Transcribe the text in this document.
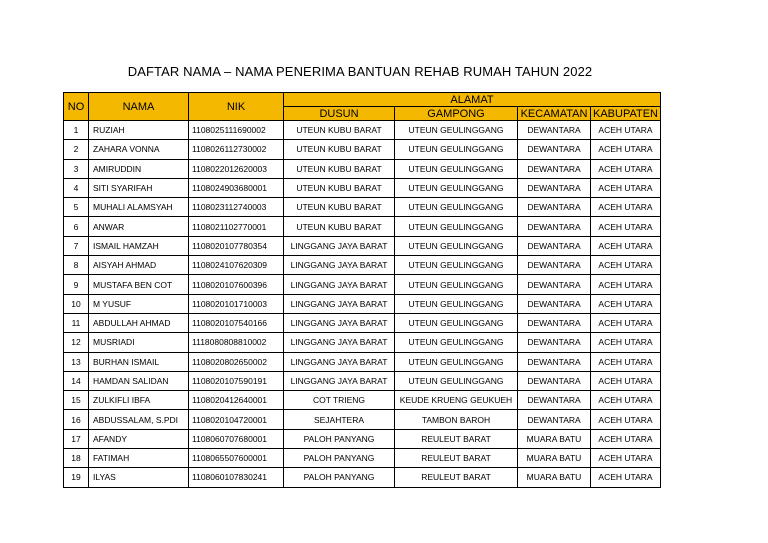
DAFTAR NAMA – NAMA PENERIMA BANTUAN REHAB RUMAH TAHUN 2022
NO	NAMA	NIK	ALAMAT			
			DUSUN	GAMPONG	KECAMATAN	KABUPATEN
1	RUZIAH	1108025111690002	UTEUN KUBU BARAT	UTEUN GEULINGGANG	DEWANTARA	ACEH UTARA
2	ZAHARA VONNA	1108026112730002	UTEUN KUBU BARAT	UTEUN GEULINGGANG	DEWANTARA	ACEH UTARA
3	AMIRUDDIN	1108022012620003	UTEUN KUBU BARAT	UTEUN GEULINGGANG	DEWANTARA	ACEH UTARA
4	SITI SYARIFAH	1108024903680001	UTEUN KUBU BARAT	UTEUN GEULINGGANG	DEWANTARA	ACEH UTARA
5	MUHALI ALAMSYAH	1108023112740003	UTEUN KUBU BARAT	UTEUN GEULINGGANG	DEWANTARA	ACEH UTARA
6	ANWAR	1108021102770001	UTEUN KUBU BARAT	UTEUN GEULINGGANG	DEWANTARA	ACEH UTARA
7	ISMAIL HAMZAH	1108020107780354	LINGGANG JAYA BARAT	UTEUN GEULINGGANG	DEWANTARA	ACEH UTARA
8	AISYAH AHMAD	1108024107620309	LINGGANG JAYA BARAT	UTEUN GEULINGGANG	DEWANTARA	ACEH UTARA
9	MUSTAFA BEN COT	1108020107600396	LINGGANG JAYA BARAT	UTEUN GEULINGGANG	DEWANTARA	ACEH UTARA
10	M YUSUF	1108020101710003	LINGGANG JAYA BARAT	UTEUN GEULINGGANG	DEWANTARA	ACEH UTARA
11	ABDULLAH AHMAD	1108020107540166	LINGGANG JAYA BARAT	UTEUN GEULINGGANG	DEWANTARA	ACEH UTARA
12	MUSRIADI	1118080808810002	LINGGANG JAYA BARAT	UTEUN GEULINGGANG	DEWANTARA	ACEH UTARA
13	BURHAN ISMAIL	1108020802650002	LINGGANG JAYA BARAT	UTEUN GEULINGGANG	DEWANTARA	ACEH UTARA
14	HAMDAN SALIDAN	1108020107590191	LINGGANG JAYA BARAT	UTEUN GEULINGGANG	DEWANTARA	ACEH UTARA
15	ZULKIFLI IBFA	1108020412640001	COT TRIENG	KEUDE KRUENG GEUKUEH	DEWANTARA	ACEH UTARA
16	ABDUSSALAM, S.PDI	1108020104720001	SEJAHTERA	TAMBON BAROH	DEWANTARA	ACEH UTARA
17	AFANDY	1108060707680001	PALOH PANYANG	REULEUT BARAT	MUARA BATU	ACEH UTARA
18	FATIMAH	1108065507600001	PALOH PANYANG	REULEUT BARAT	MUARA BATU	ACEH UTARA
19	ILYAS	1108060107830241	PALOH PANYANG	REULEUT BARAT	MUARA BATU	ACEH UTARA
